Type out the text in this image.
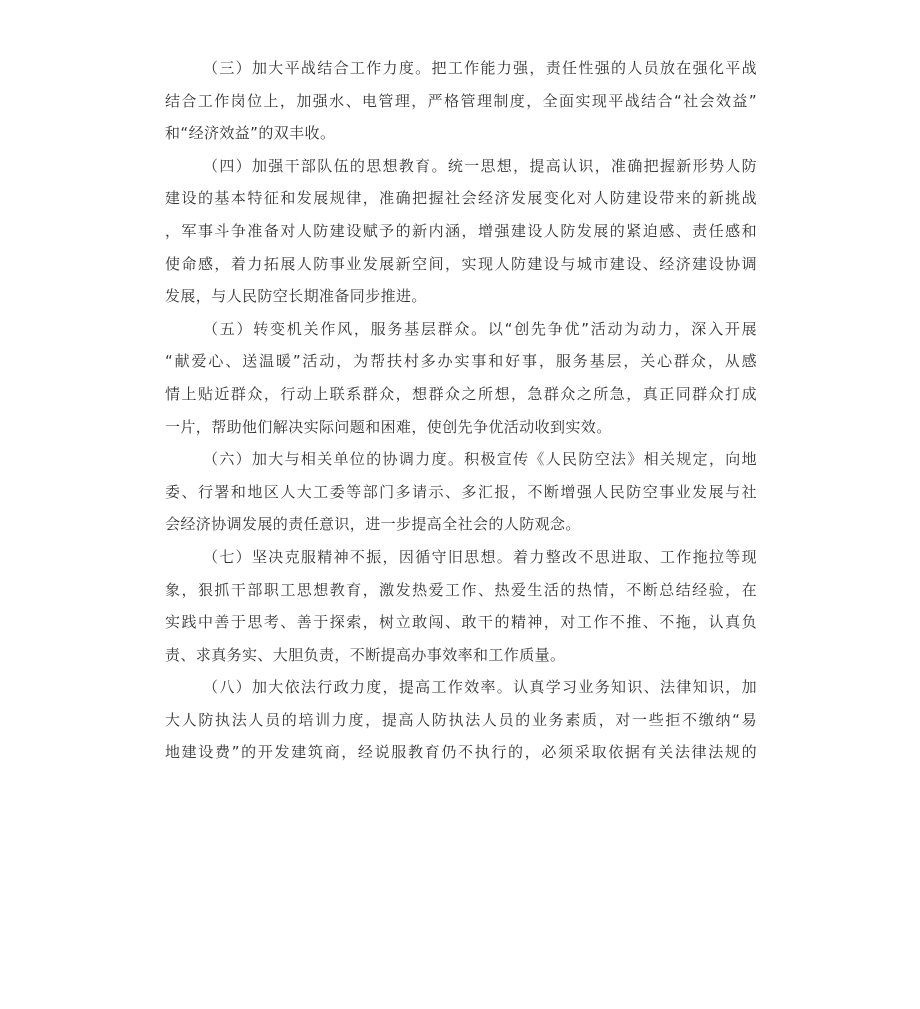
（三）加大平战结合工作力度。把工作能力强，责任性强的人员放在强化平战
结合工作岗位上，加强水、电管理，严格管理制度，全面实现平战结合“社会效益”
和“经济效益”的双丰收。
（四）加强干部队伍的思想教育。统一思想，提高认识，准确把握新形势人防
建设的基本特征和发展规律，准确把握社会经济发展变化对人防建设带来的新挑战
，军事斗争准备对人防建设赋予的新内涵，增强建设人防发展的紧迫感、责任感和
使命感，着力拓展人防事业发展新空间，实现人防建设与城市建设、经济建设协调
发展，与人民防空长期准备同步推进。
（五）转变机关作风，服务基层群众。以“创先争优”活动为动力，深入开展
“献爱心、送温暖”活动，为帮扶村多办实事和好事，服务基层，关心群众，从感
情上贴近群众，行动上联系群众，想群众之所想，急群众之所急，真正同群众打成
一片，帮助他们解决实际问题和困难，使创先争优活动收到实效。
（六）加大与相关单位的协调力度。积极宣传《人民防空法》相关规定，向地
委、行署和地区人大工委等部门多请示、多汇报，不断增强人民防空事业发展与社
会经济协调发展的责任意识，进一步提高全社会的人防观念。
（七）坚决克服精神不振，因循守旧思想。着力整改不思进取、工作拖拉等现
象，狠抓干部职工思想教育，激发热爱工作、热爱生活的热情，不断总结经验，在
实践中善于思考、善于探索，树立敢闯、敢干的精神，对工作不推、不拖，认真负
责、求真务实、大胆负责，不断提高办事效率和工作质量。
（八）加大依法行政力度，提高工作效率。认真学习业务知识、法律知识，加
大人防执法人员的培训力度，提高人防执法人员的业务素质，对一些拒不缴纳“易
地建设费”的开发建筑商，经说服教育仍不执行的，必须采取依据有关法律法规的
